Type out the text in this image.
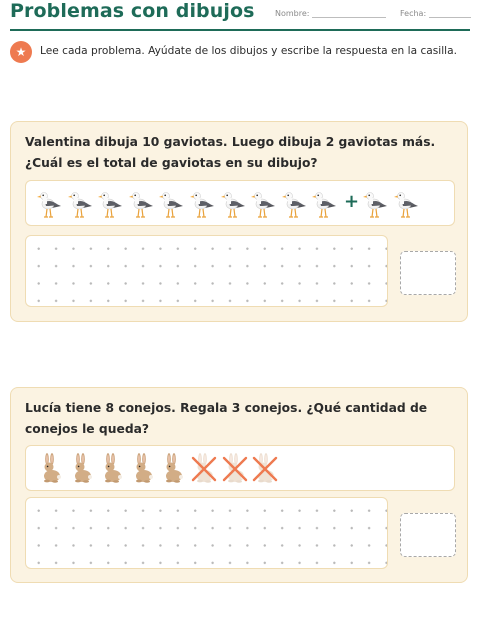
Problemas con dibujos	Nombre:	Fecha:
★	Lee cada problema. Ayúdate de los dibujos y escribe la respuesta en la casilla.
Valentina dibuja 10 gaviotas. Luego dibuja 2 gaviotas más. ¿Cuál es el total de gaviotas en su dibujo?
+
Lucía tiene 8 conejos. Regala 3 conejos. ¿Qué cantidad de conejos le queda?
